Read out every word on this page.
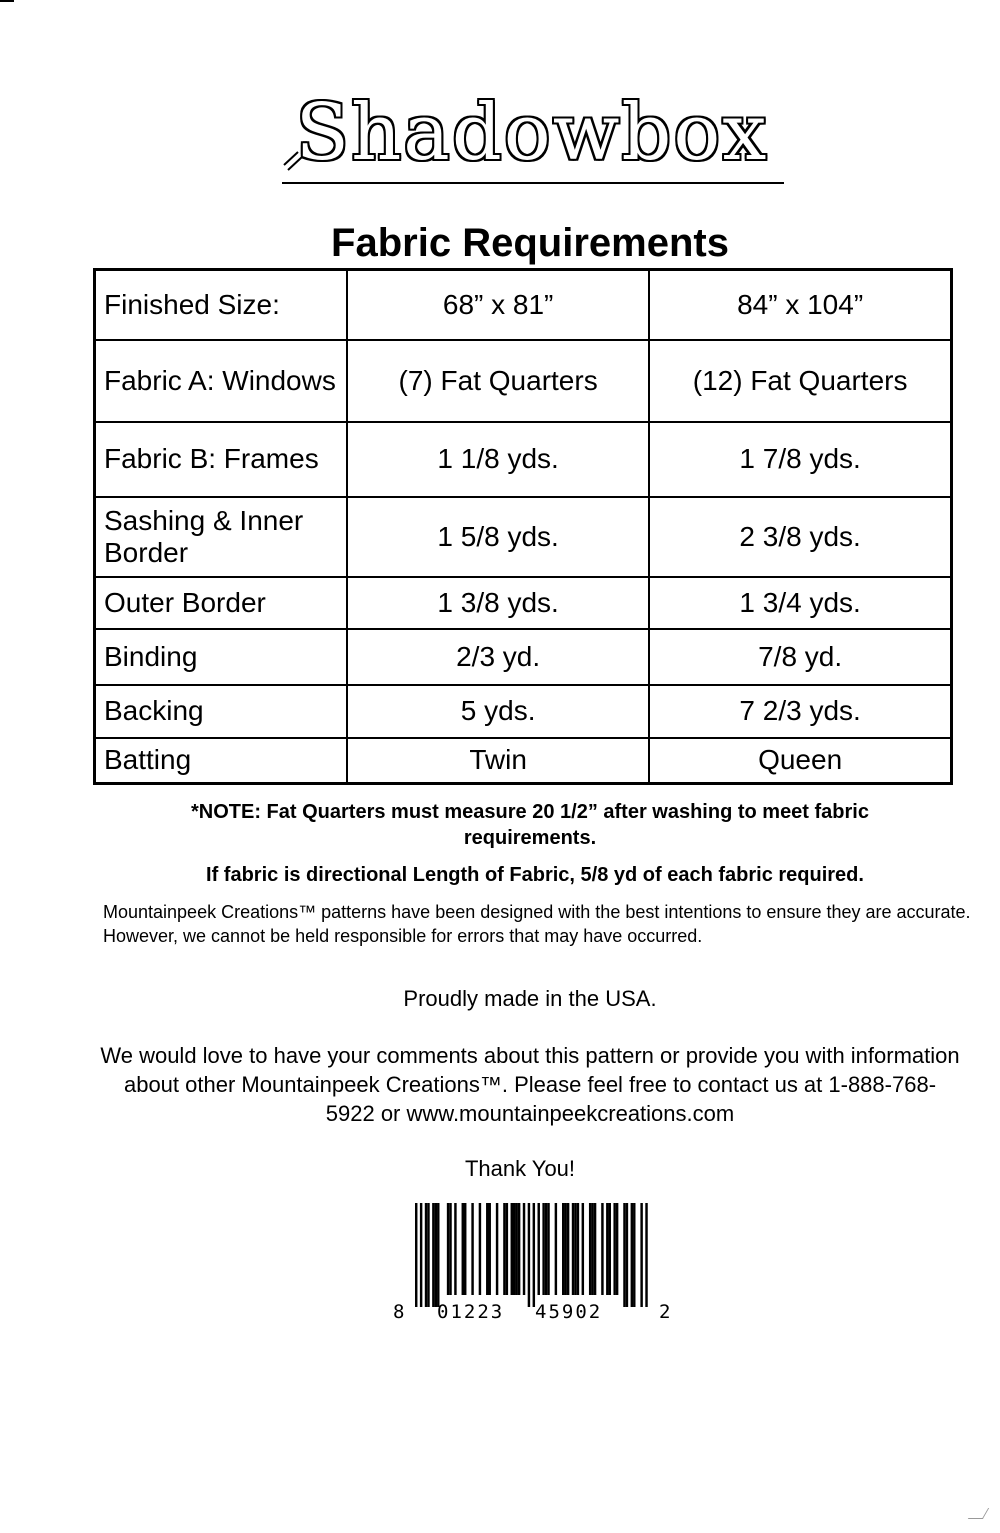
Shadowbox
Fabric Requirements
Finished Size:	68” x 81”	84” x 104”
Fabric A: Windows	(7) Fat Quarters	(12) Fat Quarters
Fabric B: Frames	1 1/8 yds.	1 7/8 yds.
Sashing & Inner Border	1 5/8 yds.	2 3/8 yds.
Outer Border	1 3/8 yds.	1 3/4 yds.
Binding	2/3 yd.	7/8 yd.
Backing	5 yds.	7 2/3 yds.
Batting	Twin	Queen
*NOTE: Fat Quarters must measure 20 1/2” after washing to meet fabric requirements.
If fabric is directional Length of Fabric, 5/8 yd of each fabric required.
Mountainpeek Creations™ patterns have been designed with the best intentions to ensure they are accurate. However, we cannot be held responsible for errors that may have occurred.
Proudly made in the USA.
We would love to have your comments about this pattern or provide you with information about other Mountainpeek Creations™. Please feel free to contact us at 1-888-768-5922 or www.mountainpeekcreations.com
Thank You!
8 01223 45902	2
